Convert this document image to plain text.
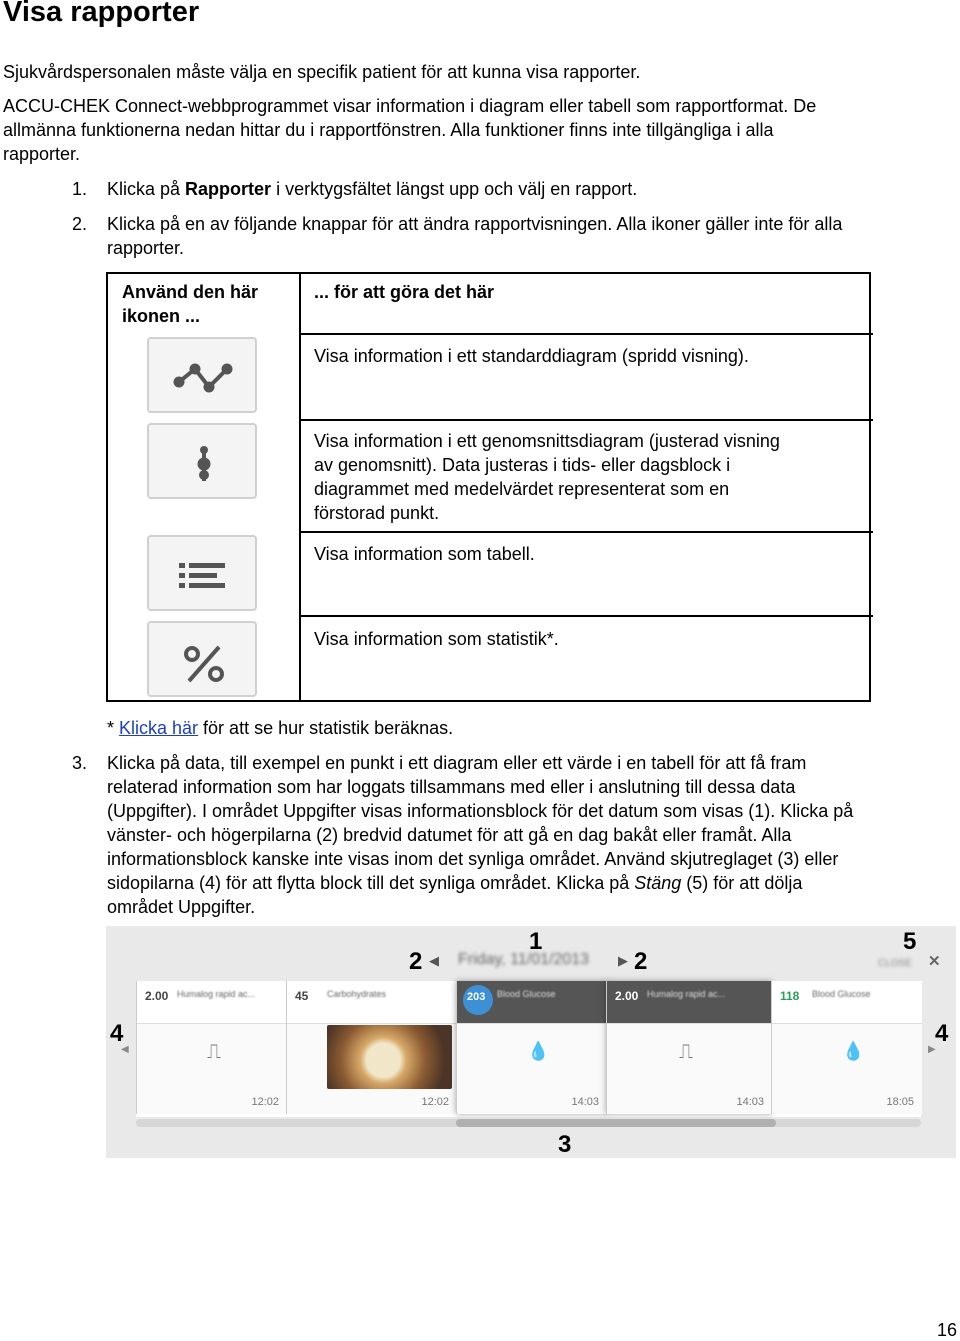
Visa rapporter
Sjukvårdspersonalen måste välja en specifik patient för att kunna visa rapporter.
ACCU-CHEK Connect-webbprogrammet visar information i diagram eller tabell som rapportformat. De
allmänna funktionerna nedan hittar du i rapportfönstren. Alla funktioner finns inte tillgängliga i alla
rapporter.
1. Klicka på Rapporter i verktygsfältet längst upp och välj en rapport.
2. Klicka på en av följande knappar för att ändra rapportvisningen. Alla ikoner gäller inte för alla
rapporter.
Använd den här
ikonen ...
... för att göra det här
Visa information i ett standarddiagram (spridd visning).
Visa information i ett genomsnittsdiagram (justerad visning
av genomsnitt). Data justeras i tids- eller dagsblock i
diagrammet med medelvärdet representerat som en
förstorad punkt.
Visa information som tabell.
Visa information som statistik*.
* Klicka här för att se hur statistik beräknas.
3. Klicka på data, till exempel en punkt i ett diagram eller ett värde i en tabell för att få fram
relaterad information som har loggats tillsammans med eller i anslutning till dessa data
(Uppgifter). I området Uppgifter visas informationsblock för det datum som visas (1). Klicka på
vänster- och högerpilarna (2) bredvid datumet för att gå en dag bakåt eller framåt. Alla
informationsblock kanske inte visas inom det synliga området. Använd skjutreglaget (3) eller
sidopilarna (4) för att flytta block till det synliga området. Klicka på Stäng (5) för att dölja
området Uppgifter.
1
2 ◀ Friday, 11/01/2013 ▶ 2
5
CLOSE ✕
4
◀
4
▶
2.00 Humalog rapid ac...
⎍
12:02
45 Carbohydrates
12:02
203 Blood Glucose
💧
14:03
2.00 Humalog rapid ac...
⎍
14:03
118 Blood Glucose
💧
18:05
3
16
